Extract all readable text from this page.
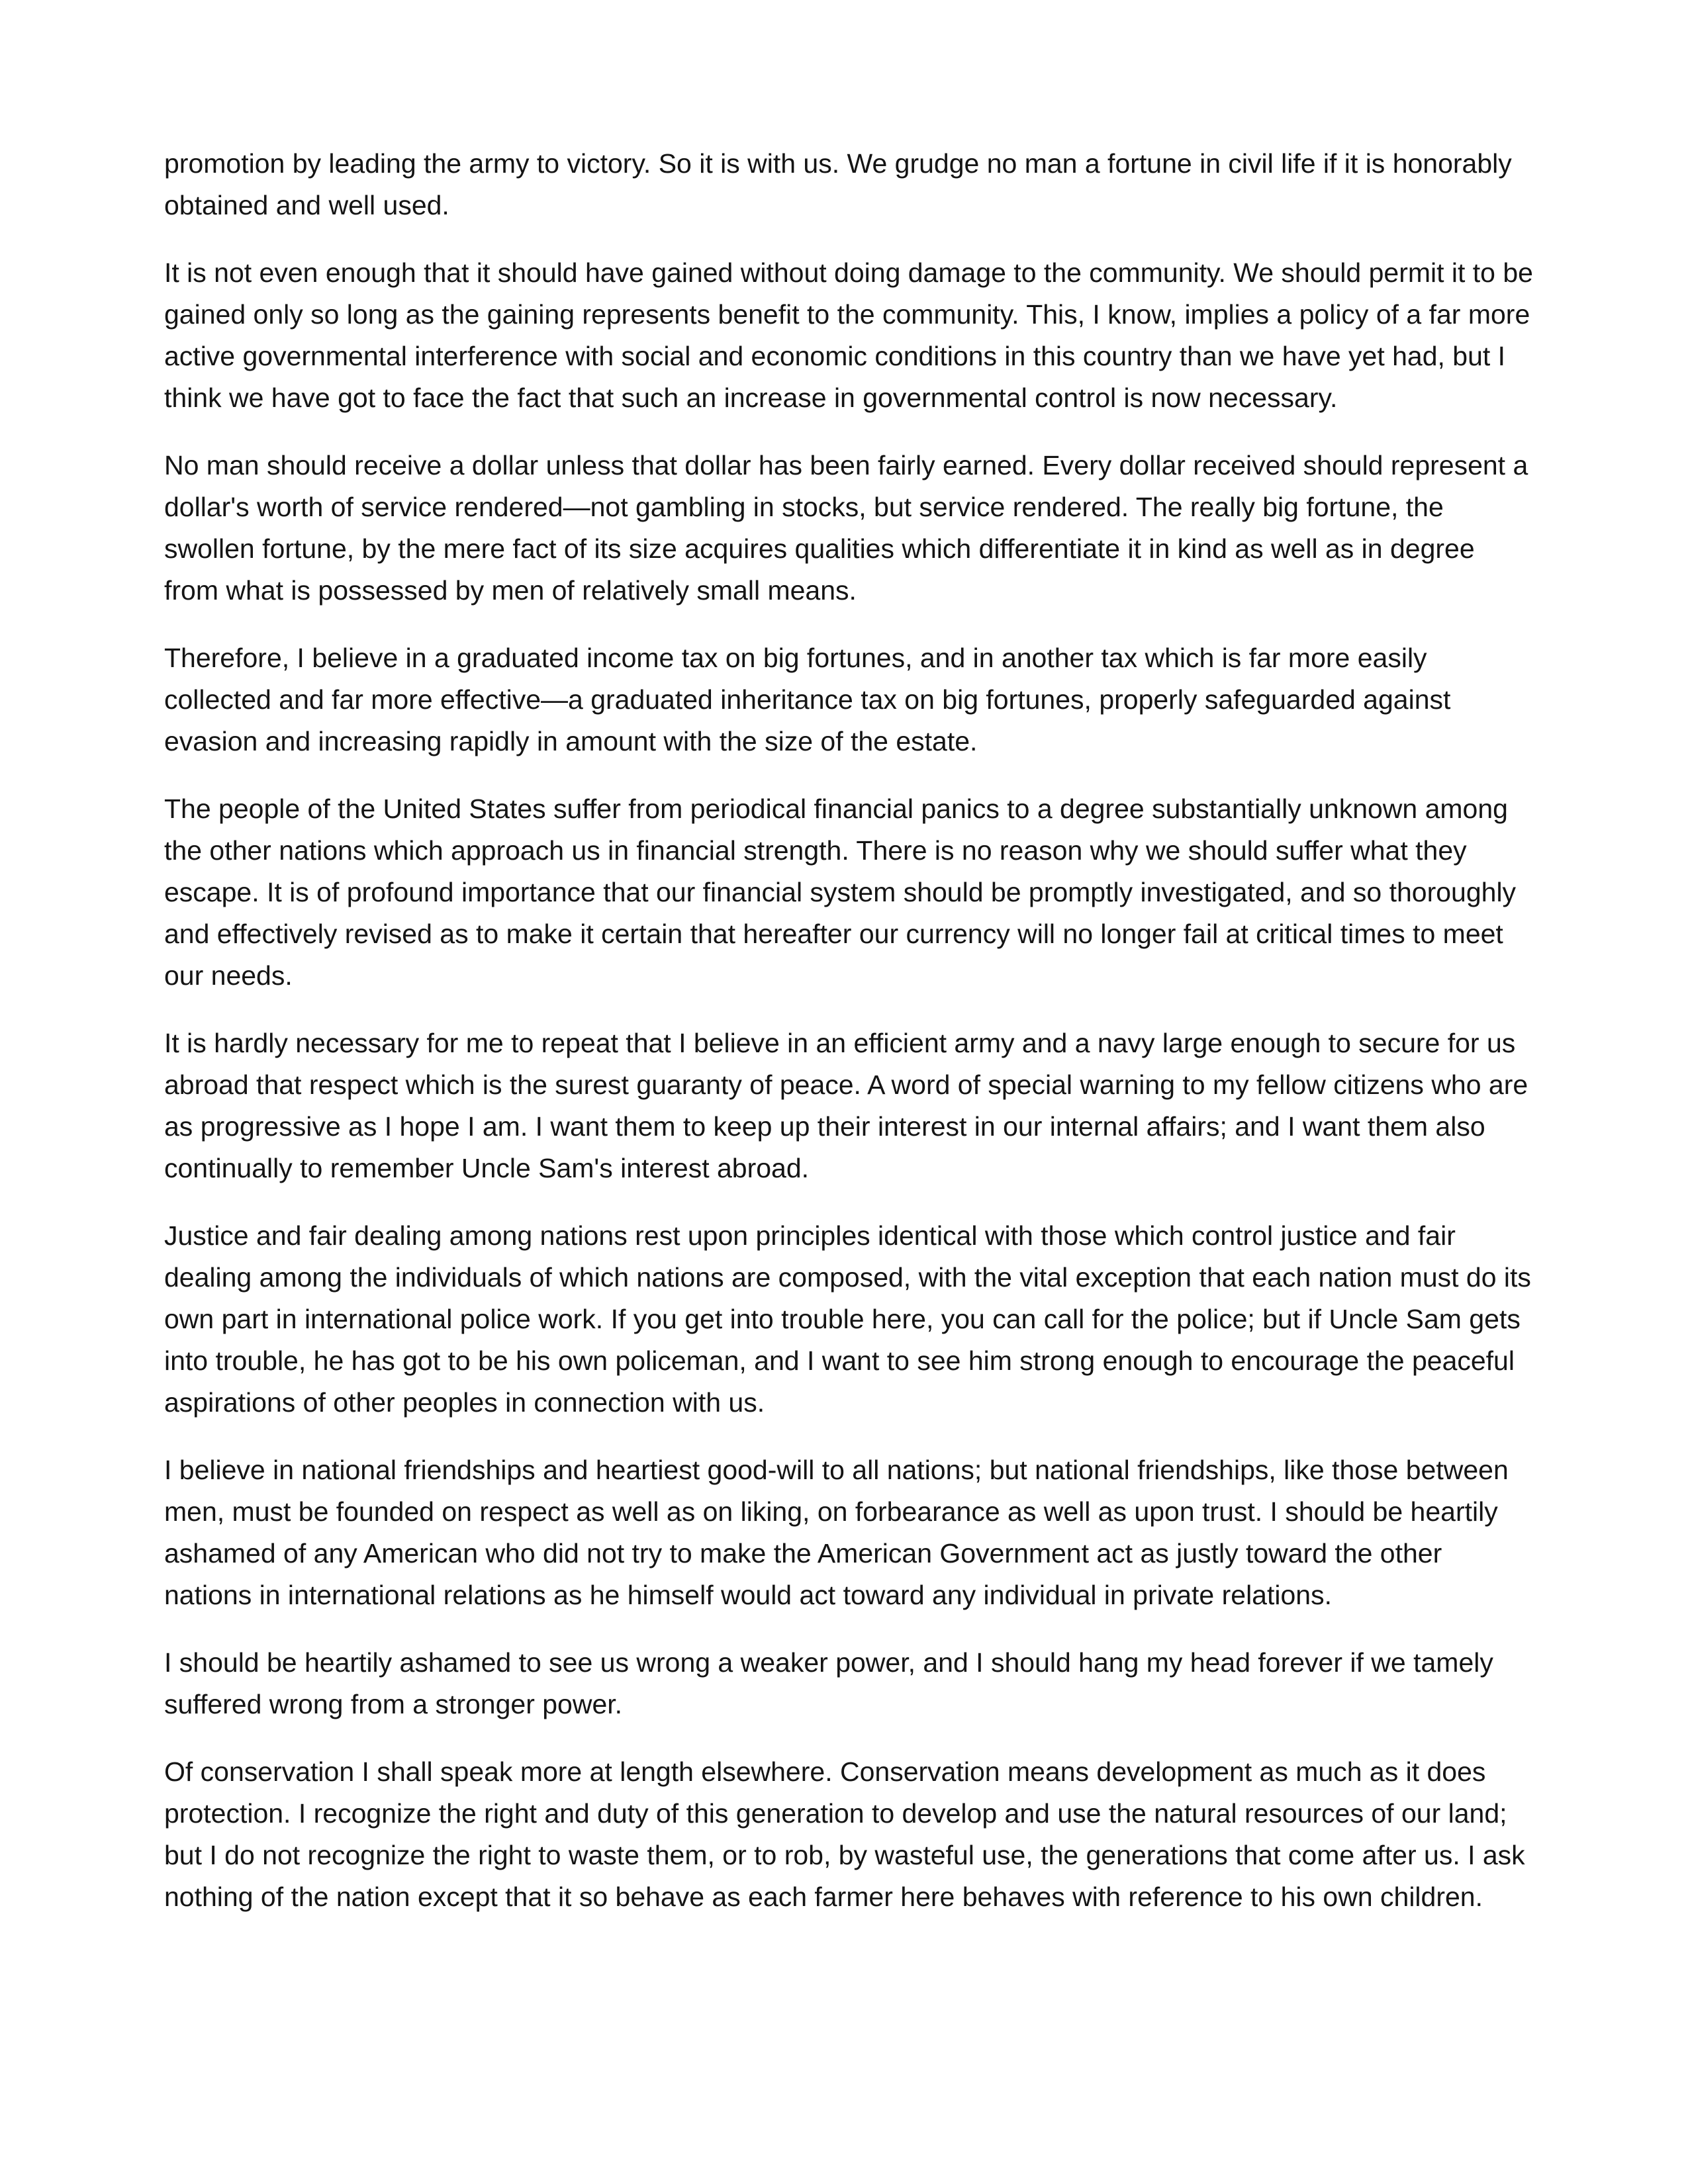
promotion by leading the army to victory. So it is with us. We grudge no man a fortune in civil life if it is honorably obtained and well used.

It is not even enough that it should have gained without doing damage to the community. We should permit it to be gained only so long as the gaining represents benefit to the community. This, I know, implies a policy of a far more active governmental interference with social and economic conditions in this country than we have yet had, but I think we have got to face the fact that such an increase in governmental control is now necessary.

No man should receive a dollar unless that dollar has been fairly earned. Every dollar received should represent a dollar's worth of service rendered—not gambling in stocks, but service rendered. The really big fortune, the swollen fortune, by the mere fact of its size acquires qualities which differentiate it in kind as well as in degree from what is possessed by men of relatively small means.

Therefore, I believe in a graduated income tax on big fortunes, and in another tax which is far more easily collected and far more effective—a graduated inheritance tax on big fortunes, properly safeguarded against evasion and increasing rapidly in amount with the size of the estate.

The people of the United States suffer from periodical financial panics to a degree substantially unknown among the other nations which approach us in financial strength. There is no reason why we should suffer what they escape. It is of profound importance that our financial system should be promptly investigated, and so thoroughly and effectively revised as to make it certain that hereafter our currency will no longer fail at critical times to meet our needs.

It is hardly necessary for me to repeat that I believe in an efficient army and a navy large enough to secure for us abroad that respect which is the surest guaranty of peace. A word of special warning to my fellow citizens who are as progressive as I hope I am. I want them to keep up their interest in our internal affairs; and I want them also continually to remember Uncle Sam's interest abroad.

Justice and fair dealing among nations rest upon principles identical with those which control justice and fair dealing among the individuals of which nations are composed, with the vital exception that each nation must do its own part in international police work. If you get into trouble here, you can call for the police; but if Uncle Sam gets into trouble, he has got to be his own policeman, and I want to see him strong enough to encourage the peaceful aspirations of other peoples in connection with us.

I believe in national friendships and heartiest good-will to all nations; but national friendships, like those between men, must be founded on respect as well as on liking, on forbearance as well as upon trust. I should be heartily ashamed of any American who did not try to make the American Government act as justly toward the other nations in international relations as he himself would act toward any individual in private relations.

I should be heartily ashamed to see us wrong a weaker power, and I should hang my head forever if we tamely suffered wrong from a stronger power.

Of conservation I shall speak more at length elsewhere. Conservation means development as much as it does protection. I recognize the right and duty of this generation to develop and use the natural resources of our land; but I do not recognize the right to waste them, or to rob, by wasteful use, the generations that come after us. I ask nothing of the nation except that it so behave as each farmer here behaves with reference to his own children.
